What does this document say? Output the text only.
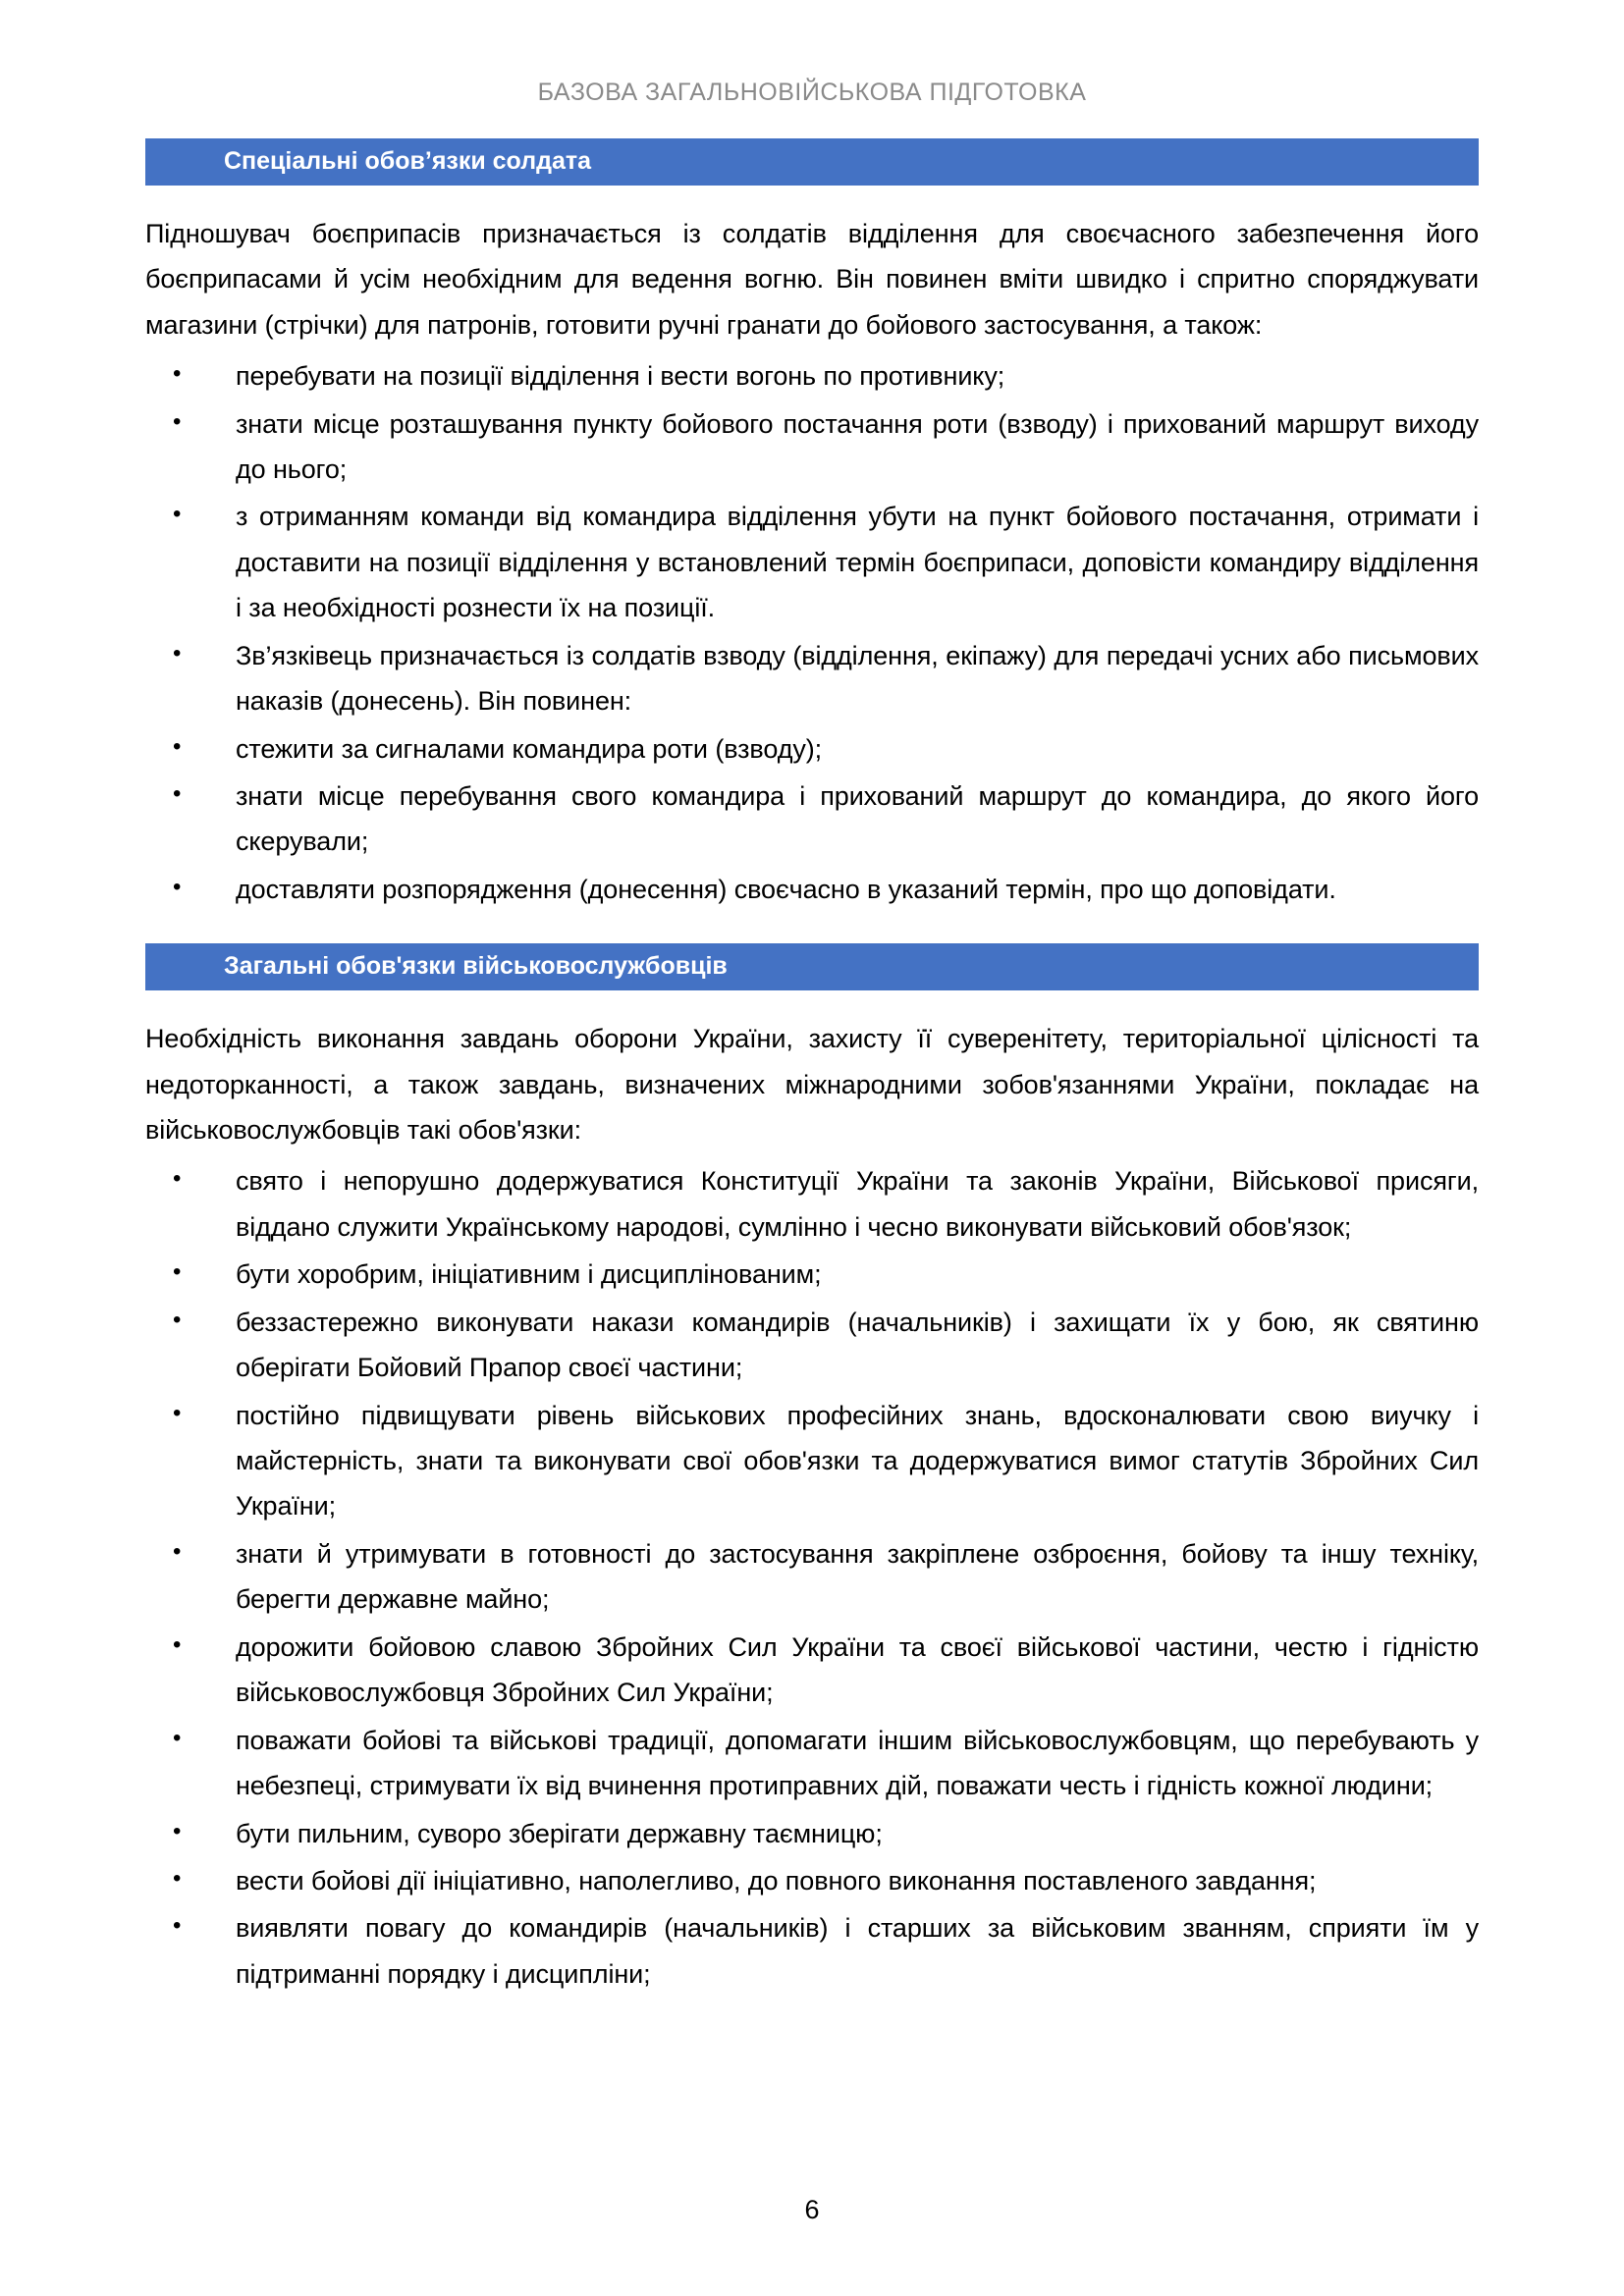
БАЗОВА ЗАГАЛЬНОВІЙСЬКОВА ПІДГОТОВКА
Спеціальні обов’язки солдата

Підношувач боєприпасів призначається із солдатів відділення для своєчасного забезпечення його боєприпасами й усім необхідним для ведення вогню. Він повинен вміти швидко і спритно споряджувати магазини (стрічки) для патронів, готовити ручні гранати до бойового застосування, а також:

• перебувати на позиції відділення і вести вогонь по противнику;
• знати місце розташування пункту бойового постачання роти (взводу) і прихований маршрут виходу до нього;
• з отриманням команди від командира відділення убути на пункт бойового постачання, отримати і доставити на позиції відділення у встановлений термін боєприпаси, доповісти командиру відділення і за необхідності рознести їх на позиції.
• Зв’язківець призначається із солдатів взводу (відділення, екіпажу) для передачі усних або письмових наказів (донесень). Він повинен:
• стежити за сигналами командира роти (взводу);
• знати місце перебування свого командира і прихований маршрут до командира, до якого його скерували;
• доставляти розпорядження (донесення) своєчасно в указаний термін, про що доповідати.
Загальні обов'язки військовослужбовців

Необхідність виконання завдань оборони України, захисту її суверенітету, територіальної цілісності та недоторканності, а також завдань, визначених міжнародними зобов'язаннями України, покладає на військовослужбовців такі обов'язки:

• свято і непорушно додержуватися Конституції України та законів України, Військової присяги, віддано служити Українському народові, сумлінно і чесно виконувати військовий обов'язок;
• бути хоробрим, ініціативним і дисциплінованим;
• беззастережно виконувати накази командирів (начальників) і захищати їх у бою, як святиню оберігати Бойовий Прапор своєї частини;
• постійно підвищувати рівень військових професійних знань, вдосконалювати свою виучку і майстерність, знати та виконувати свої обов'язки та додержуватися вимог статутів Збройних Сил України;
• знати й утримувати в готовності до застосування закріплене озброєння, бойову та іншу техніку, берегти державне майно;
• дорожити бойовою славою Збройних Сил України та своєї військової частини, честю і гідністю військовослужбовця Збройних Сил України;
• поважати бойові та військові традиції, допомагати іншим військовослужбовцям, що перебувають у небезпеці, стримувати їх від вчинення протиправних дій, поважати честь і гідність кожної людини;
• бути пильним, суворо зберігати державну таємницю;
• вести бойові дії ініціативно, наполегливо, до повного виконання поставленого завдання;
• виявляти повагу до командирів (начальників) і старших за військовим званням, сприяти їм у підтриманні порядку і дисципліни;
6
